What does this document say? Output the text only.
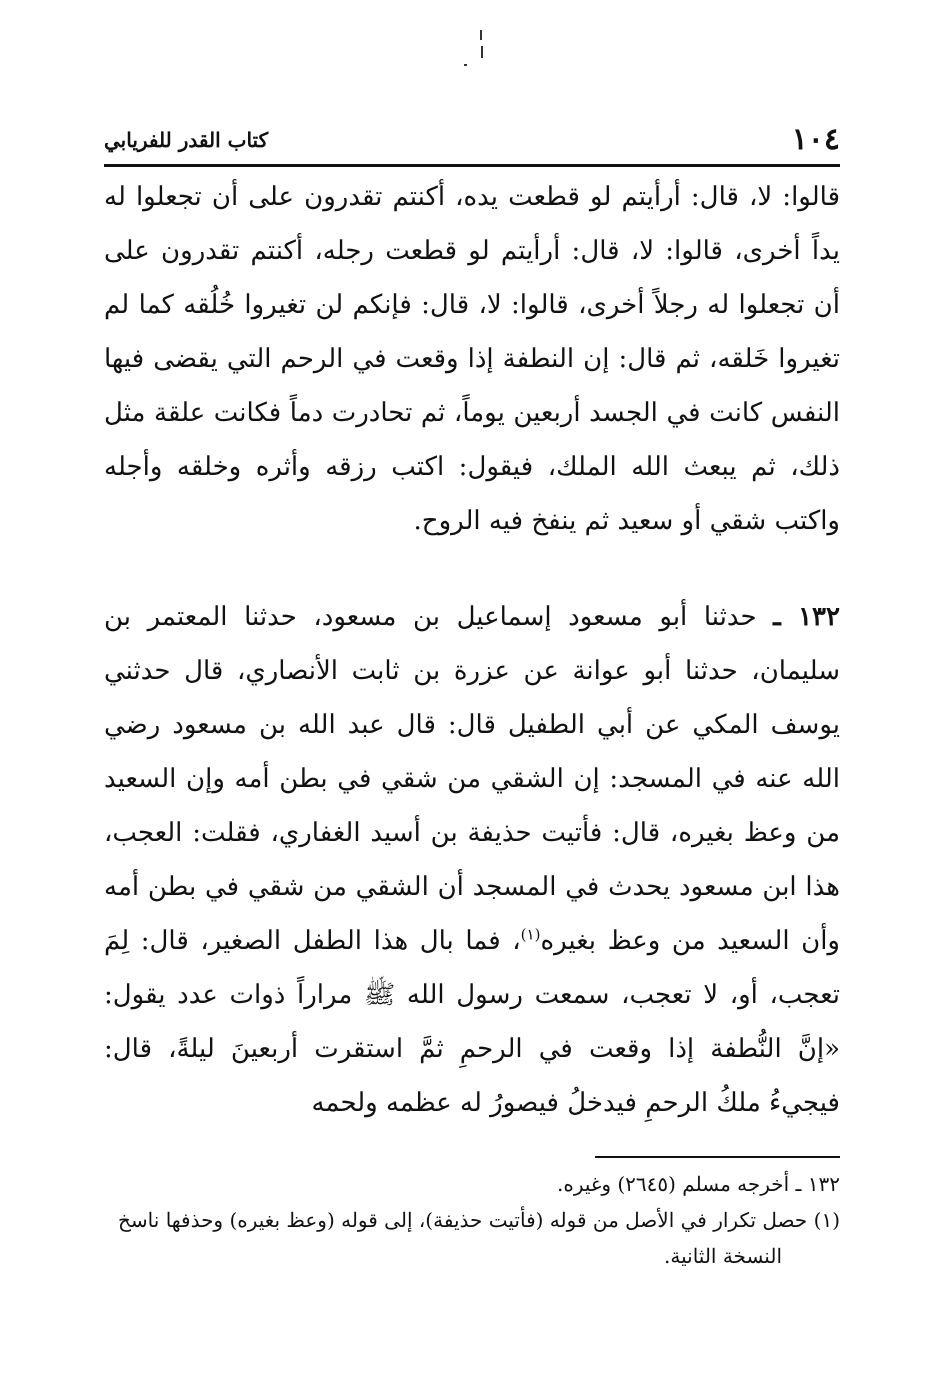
١٠٤
كتاب القدر للفريابي

قالوا: لا، قال: أرأيتم لو قطعت يده، أكنتم تقدرون على أن تجعلوا له يداً أخرى، قالوا: لا، قال: أرأيتم لو قطعت رجله، أكنتم تقدرون على أن تجعلوا له رجلاً أخرى، قالوا: لا، قال: فإنكم لن تغيروا خُلُقه كما لم تغيروا خَلقه، ثم قال: إن النطفة إذا وقعت في الرحم التي يقضى فيها النفس كانت في الجسد أربعين يوماً، ثم تحادرت دماً فكانت علقة مثل ذلك، ثم يبعث الله الملك، فيقول: اكتب رزقه وأثره وخلقه وأجله واكتب شقي أو سعيد ثم ينفخ فيه الروح.

١٣٢ ـ حدثنا أبو مسعود إسماعيل بن مسعود، حدثنا المعتمر بن سليمان، حدثنا أبو عوانة عن عزرة بن ثابت الأنصاري، قال حدثني يوسف المكي عن أبي الطفيل قال: قال عبد الله بن مسعود رضي الله عنه في المسجد: إن الشقي من شقي في بطن أمه وإن السعيد من وعظ بغيره، قال: فأتيت حذيفة بن أسيد الغفاري، فقلت: العجب، هذا ابن مسعود يحدث في المسجد أن الشقي من شقي في بطن أمه وأن السعيد من وعظ بغيره$^{(١)}$، فما بال هذا الطفل الصغير، قال: لِمَ تعجب، أو، لا تعجب، سمعت رسول الله ﷺ مراراً ذوات عدد يقول: «إنَّ النُّطفة إذا وقعت في الرحمِ ثمَّ استقرت أربعينَ ليلةً، قال: فيجيءُ ملكُ الرحمِ فيدخلُ فيصورُ له عظمه ولحمه

١٣٢ ـ أخرجه مسلم (٢٦٤٥) وغيره.

(١) حصل تكرار في الأصل من قوله (فأتيت حذيفة)، إلى قوله (وعظ بغيره) وحذفها ناسخ النسخة الثانية.
